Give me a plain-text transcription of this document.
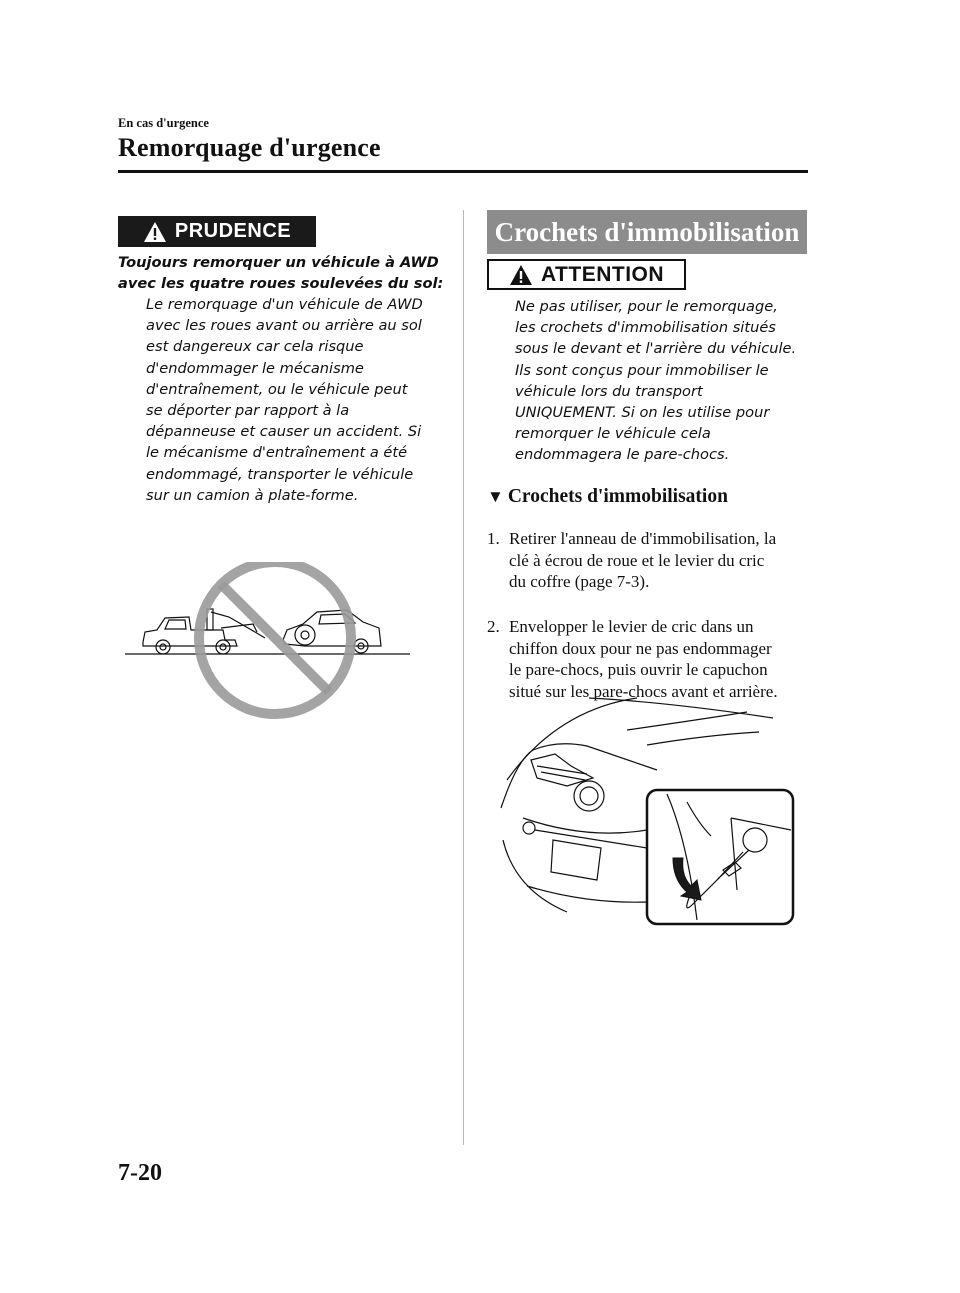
En cas d'urgence
Remorquage d'urgence
PRUDENCE
Toujours remorquer un véhicule à AWD avec les quatre roues soulevées du sol:
Le remorquage d'un véhicule de AWD
avec les roues avant ou arrière au sol
est dangereux car cela risque
d'endommager le mécanisme
d'entraînement, ou le véhicule peut
se déporter par rapport à la
dépanneuse et causer un accident. Si
le mécanisme d'entraînement a été
endommagé, transporter le véhicule
sur un camion à plate-forme.
Crochets d'immobilisation
ATTENTION
Ne pas utiliser, pour le remorquage,
les crochets d'immobilisation situés
sous le devant et l'arrière du véhicule.
Ils sont conçus pour immobiliser le
véhicule lors du transport
UNIQUEMENT. Si on les utilise pour
remorquer le véhicule cela
endommagera le pare-chocs.
▼ Crochets d'immobilisation
1. Retirer l'anneau de d'immobilisation, la
clé à écrou de roue et le levier du cric
du coffre (page 7-3).
2. Envelopper le levier de cric dans un
chiffon doux pour ne pas endommager
le pare-chocs, puis ouvrir le capuchon
situé sur les pare-chocs avant et arrière.
7-20
